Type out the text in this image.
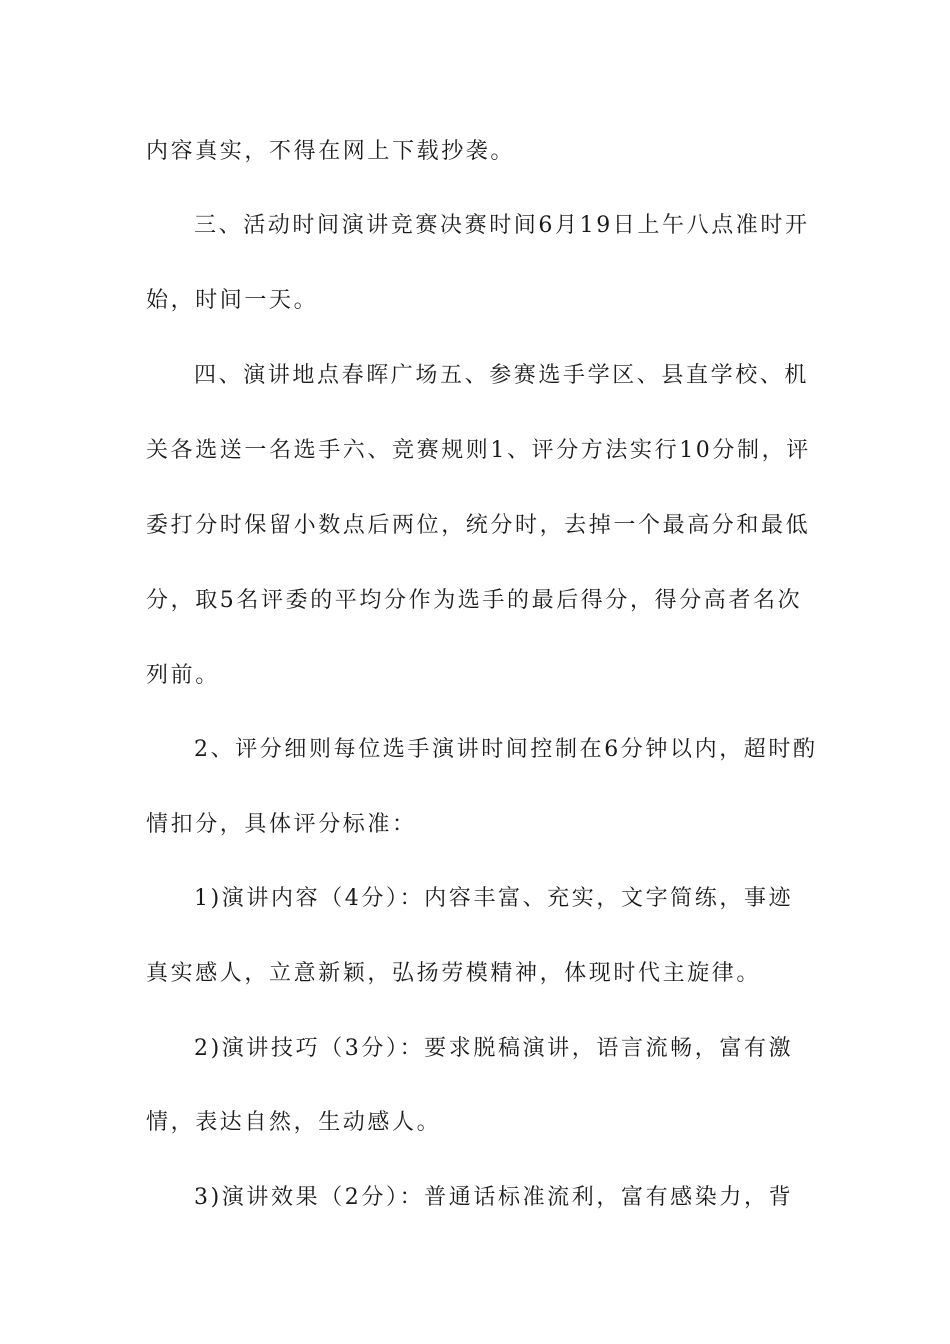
内容真实，不得在网上下载抄袭。

三、活动时间演讲竞赛决赛时间6月19日上午八点准时开

始，时间一天。

四、演讲地点春晖广场五、参赛选手学区、县直学校、机

关各选送一名选手六、竞赛规则1、评分方法实行10分制，评

委打分时保留小数点后两位，统分时，去掉一个最高分和最低

分，取5名评委的平均分作为选手的最后得分，得分高者名次

列前。

2、评分细则每位选手演讲时间控制在6分钟以内，超时酌

情扣分，具体评分标准：

1)演讲内容（4分）：内容丰富、充实，文字简练，事迹

真实感人，立意新颖，弘扬劳模精神，体现时代主旋律。

2)演讲技巧（3分）：要求脱稿演讲，语言流畅，富有激

情，表达自然，生动感人。

3)演讲效果（2分）：普通话标准流利，富有感染力，背
